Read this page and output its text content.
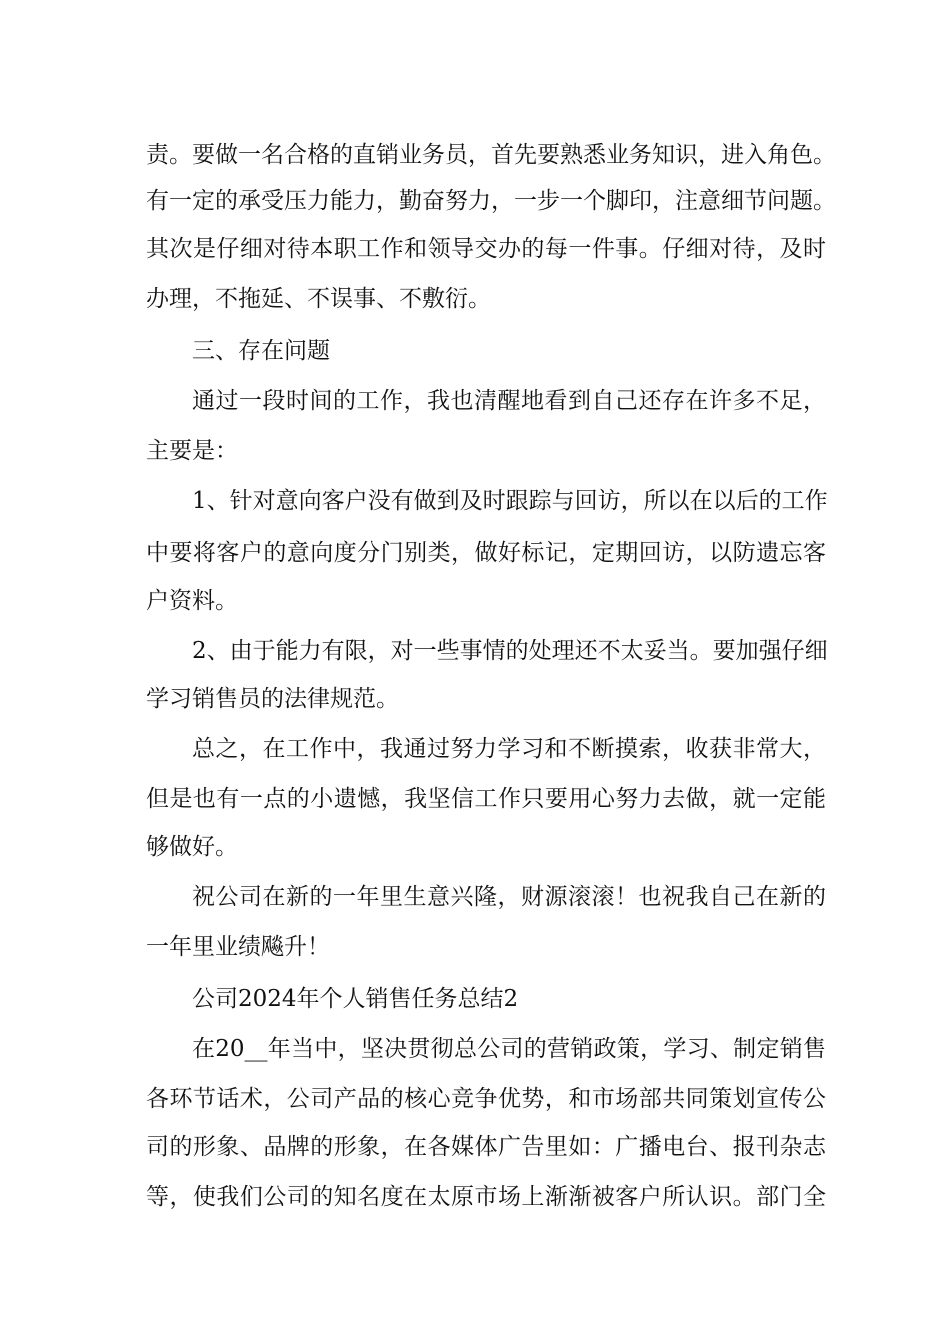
责。要做一名合格的直销业务员，首先要熟悉业务知识，进入角色。
有一定的承受压力能力，勤奋努力，一步一个脚印，注意细节问题。
其次是仔细对待本职工作和领导交办的每一件事。仔细对待，及时
办理，不拖延、不误事、不敷衍。
三、存在问题
通过一段时间的工作，我也清醒地看到自己还存在许多不足，
主要是：
1、针对意向客户没有做到及时跟踪与回访，所以在以后的工作
中要将客户的意向度分门别类，做好标记，定期回访，以防遗忘客
户资料。
2、由于能力有限，对一些事情的处理还不太妥当。要加强仔细
学习销售员的法律规范。
总之，在工作中，我通过努力学习和不断摸索，收获非常大，
但是也有一点的小遗憾，我坚信工作只要用心努力去做，就一定能
够做好。
祝公司在新的一年里生意兴隆，财源滚滚！也祝我自己在新的
一年里业绩飚升！
公司2024年个人销售任务总结2
在20__年当中，坚决贯彻总公司的营销政策，学习、制定销售
各环节话术，公司产品的核心竞争优势，和市场部共同策划宣传公
司的形象、品牌的形象，在各媒体广告里如：广播电台、报刊杂志
等，使我们公司的知名度在太原市场上渐渐被客户所认识。部门全
